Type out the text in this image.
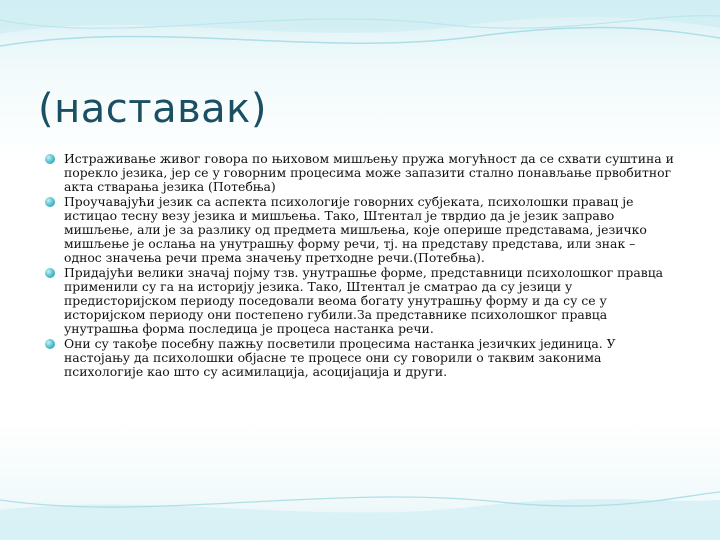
(наставак)
Истраживање живог говора по њиховом мишљењу пружа могућност да се схвати суштина и порекло језика, јер се у говорним процесима може запазити стално понављање првобитног акта стварања језика (Потебња)
Проучавајући језик са аспекта психологије говорних субјеката, психолошки правац је истицао тесну везу језика и мишљења. Тако, Штентал је тврдио да је језик заправо мишљење, али је за разлику од предмета мишљења, које оперише представама, језичко мишљење је ослања на унутрашњу форму речи, тј. на представу представа, или знак – однос значења речи према значењу претходне речи.(Потебња).
Придајући велики значај појму тзв. унутрашње форме, представници психолошког правца применили су га на историју језика. Тако, Штентал је сматрао да су језици у предисторијском периоду поседовали веома богату унутрашњу форму и да су се у историјском периоду они постепено губили.За представнике психолошког правца унутрашња форма последица је процеса настанка речи.
Они су такође посебну пажњу посветили процесима настанка језичких јединица. У настојању да психолошки објасне те процесе они су говорили о таквим законима психологије као што су асимилација, асоцијација и други.
